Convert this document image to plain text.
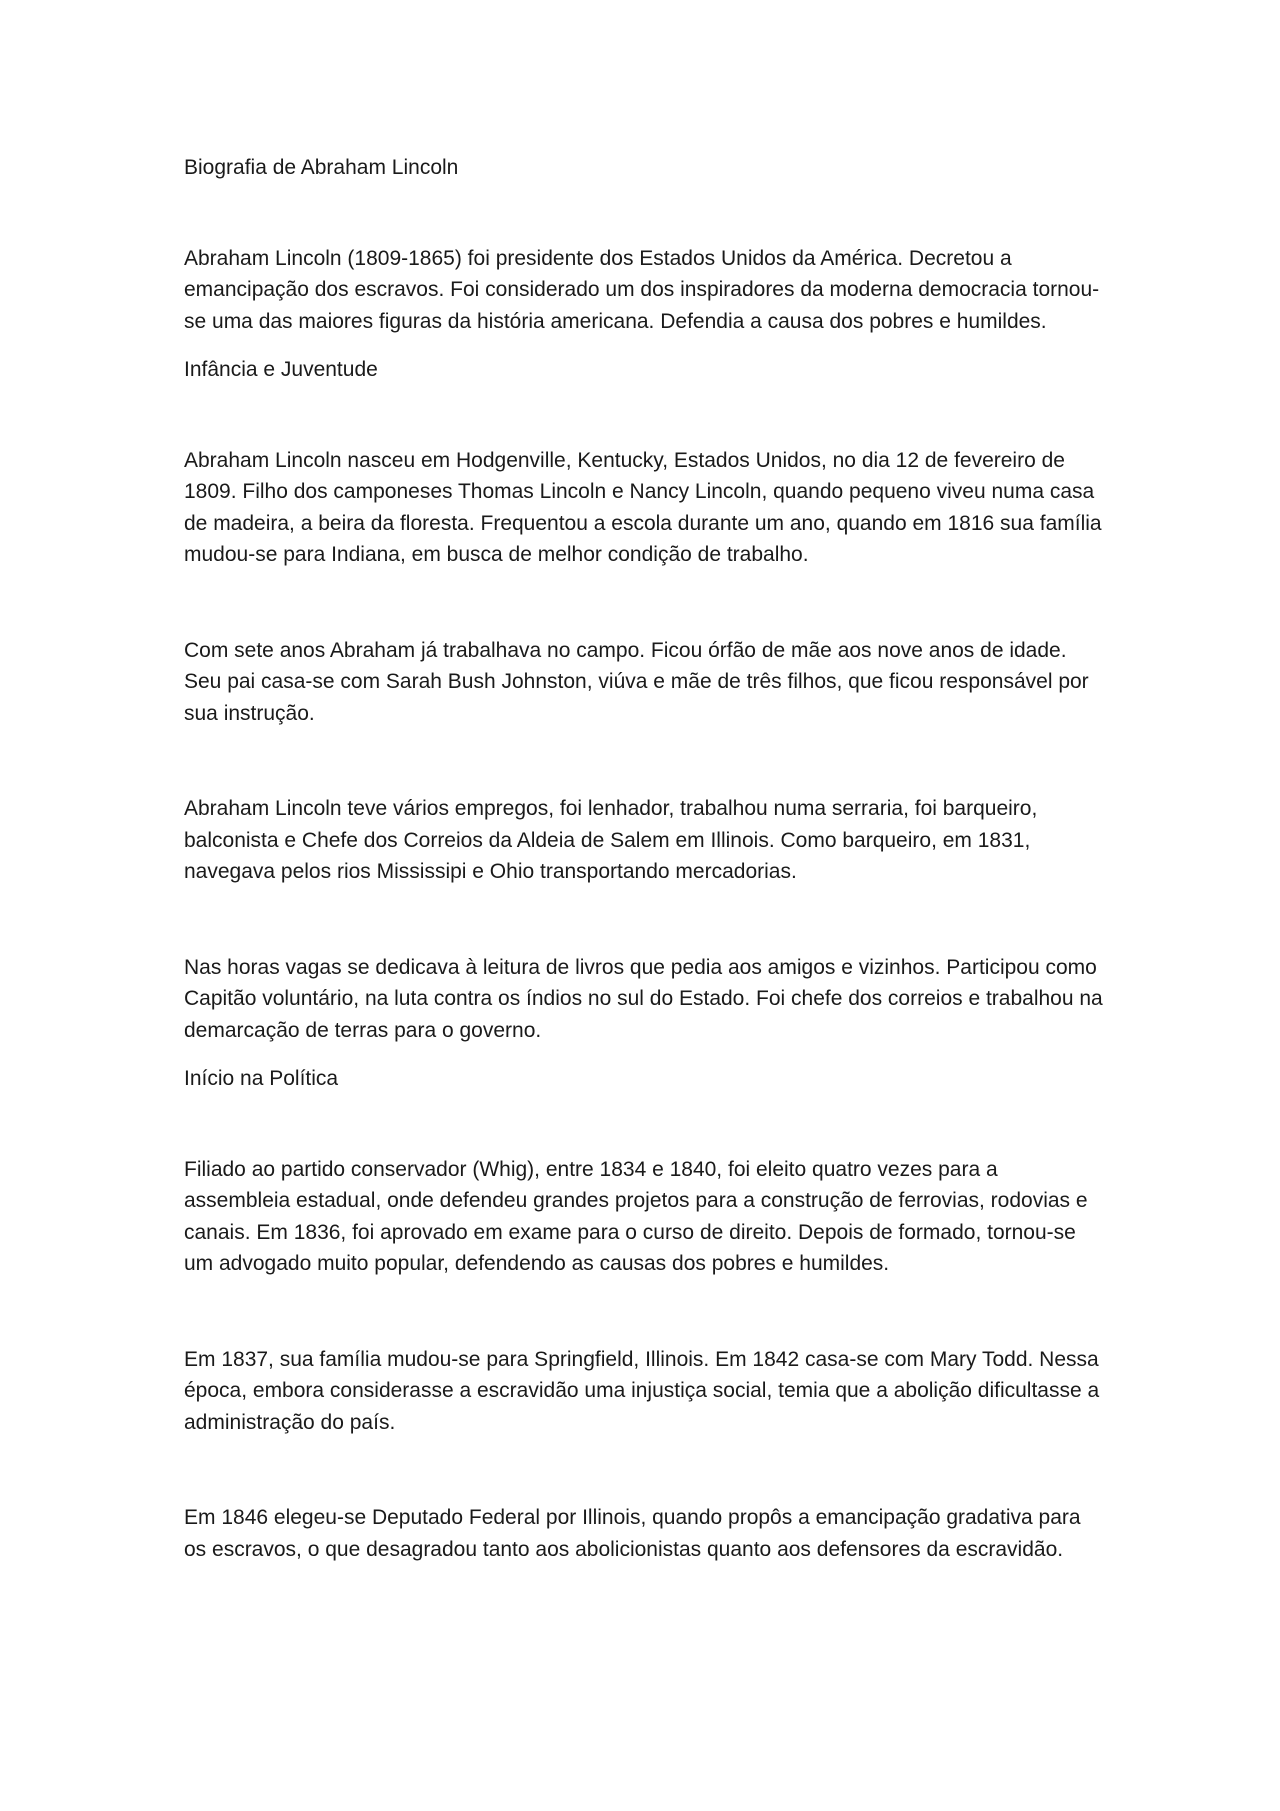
Biografia de Abraham Lincoln

Abraham Lincoln (1809-1865) foi presidente dos Estados Unidos da América. Decretou a emancipação dos escravos. Foi considerado um dos inspiradores da moderna democracia tornou-se uma das maiores figuras da história americana. Defendia a causa dos pobres e humildes.

Infância e Juventude

Abraham Lincoln nasceu em Hodgenville, Kentucky, Estados Unidos, no dia 12 de fevereiro de 1809. Filho dos camponeses Thomas Lincoln e Nancy Lincoln, quando pequeno viveu numa casa de madeira, a beira da floresta. Frequentou a escola durante um ano, quando em 1816 sua família mudou-se para Indiana, em busca de melhor condição de trabalho.

Com sete anos Abraham já trabalhava no campo. Ficou órfão de mãe aos nove anos de idade. Seu pai casa-se com Sarah Bush Johnston, viúva e mãe de três filhos, que ficou responsável por sua instrução.

Abraham Lincoln teve vários empregos, foi lenhador, trabalhou numa serraria, foi barqueiro, balconista e Chefe dos Correios da Aldeia de Salem em Illinois. Como barqueiro, em 1831, navegava pelos rios Mississipi e Ohio transportando mercadorias.

Nas horas vagas se dedicava à leitura de livros que pedia aos amigos e vizinhos. Participou como Capitão voluntário, na luta contra os índios no sul do Estado. Foi chefe dos correios e trabalhou na demarcação de terras para o governo.

Início na Política

Filiado ao partido conservador (Whig), entre 1834 e 1840, foi eleito quatro vezes para a assembleia estadual, onde defendeu grandes projetos para a construção de ferrovias, rodovias e canais. Em 1836, foi aprovado em exame para o curso de direito. Depois de formado, tornou-se um advogado muito popular, defendendo as causas dos pobres e humildes.

Em 1837, sua família mudou-se para Springfield, Illinois. Em 1842 casa-se com Mary Todd. Nessa época, embora considerasse a escravidão uma injustiça social, temia que a abolição dificultasse a administração do país.

Em 1846 elegeu-se Deputado Federal por Illinois, quando propôs a emancipação gradativa para os escravos, o que desagradou tanto aos abolicionistas quanto aos defensores da escravidão.
